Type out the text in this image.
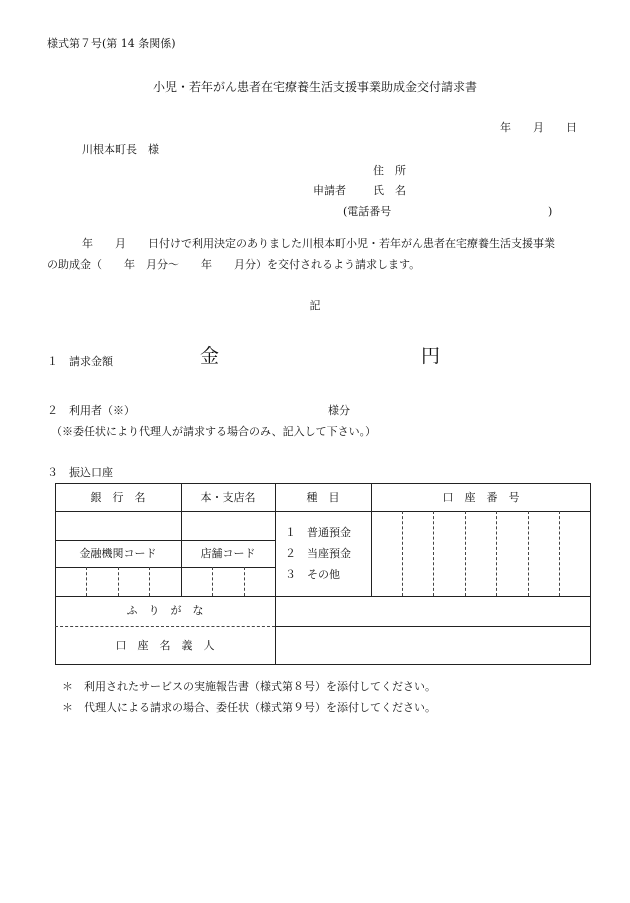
様式第７号(第 14 条関係)
小児・若年がん患者在宅療養生活支援事業助成金交付請求書
年　　月　　日
川根本町長　様
住　所
申請者 氏　名
(電話番号	)
年　　月　　日付けで利用決定のありました川根本町小児・若年がん患者在宅療養生活支援事業
の助成金（　　年　月分～　　年　　月分）を交付されるよう請求します。
記
１　請求金額	金	円
２　利用者（※）	様分
（※委任状により代理人が請求する場合のみ、記入して下さい。）
３　振込口座
銀　行　名	本・支店名	種　目	口　座　番　号
金融機関コード	店舗コード
１　普通預金
２　当座預金
３　その他
ふ　り　が　な
口　座　名　義　人
＊　利用されたサービスの実施報告書（様式第８号）を添付してください。
＊　代理人による請求の場合、委任状（様式第９号）を添付してください。
